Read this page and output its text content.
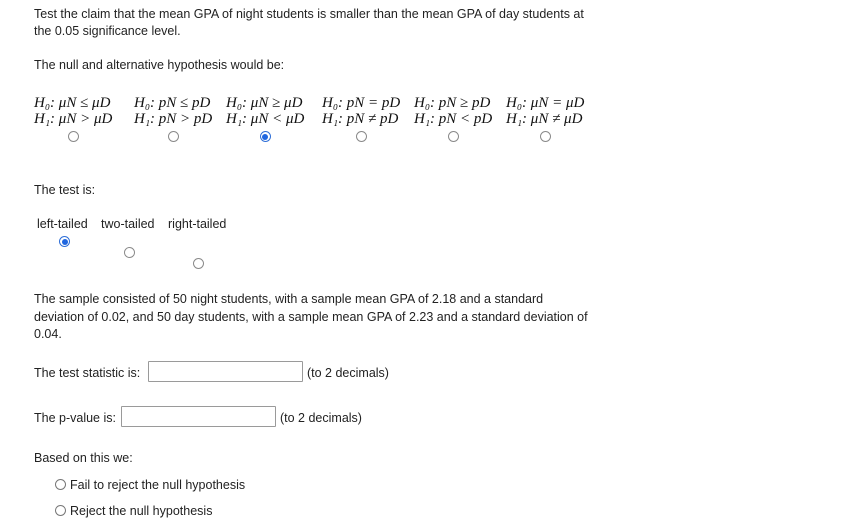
Test the claim that the mean GPA of night students is smaller than the mean GPA of day students at
the 0.05 significance level.
The null and alternative hypothesis would be:
H₀: μN ≤ μD
H₁: μN > μD
H₀: pN ≤ pD
H₁: pN > pD
H₀: μN ≥ μD
H₁: μN < μD
H₀: pN = pD
H₁: pN ≠ pD
H₀: pN ≥ pD
H₁: pN < pD
H₀: μN = μD
H₁: μN ≠ μD
The test is:
left-tailed two-tailed right-tailed
The sample consisted of 50 night students, with a sample mean GPA of 2.18 and a standard
deviation of 0.02, and 50 day students, with a sample mean GPA of 2.23 and a standard deviation of
0.04.
The test statistic is:	(to 2 decimals)
The p-value is:	(to 2 decimals)
Based on this we:
Fail to reject the null hypothesis
Reject the null hypothesis
